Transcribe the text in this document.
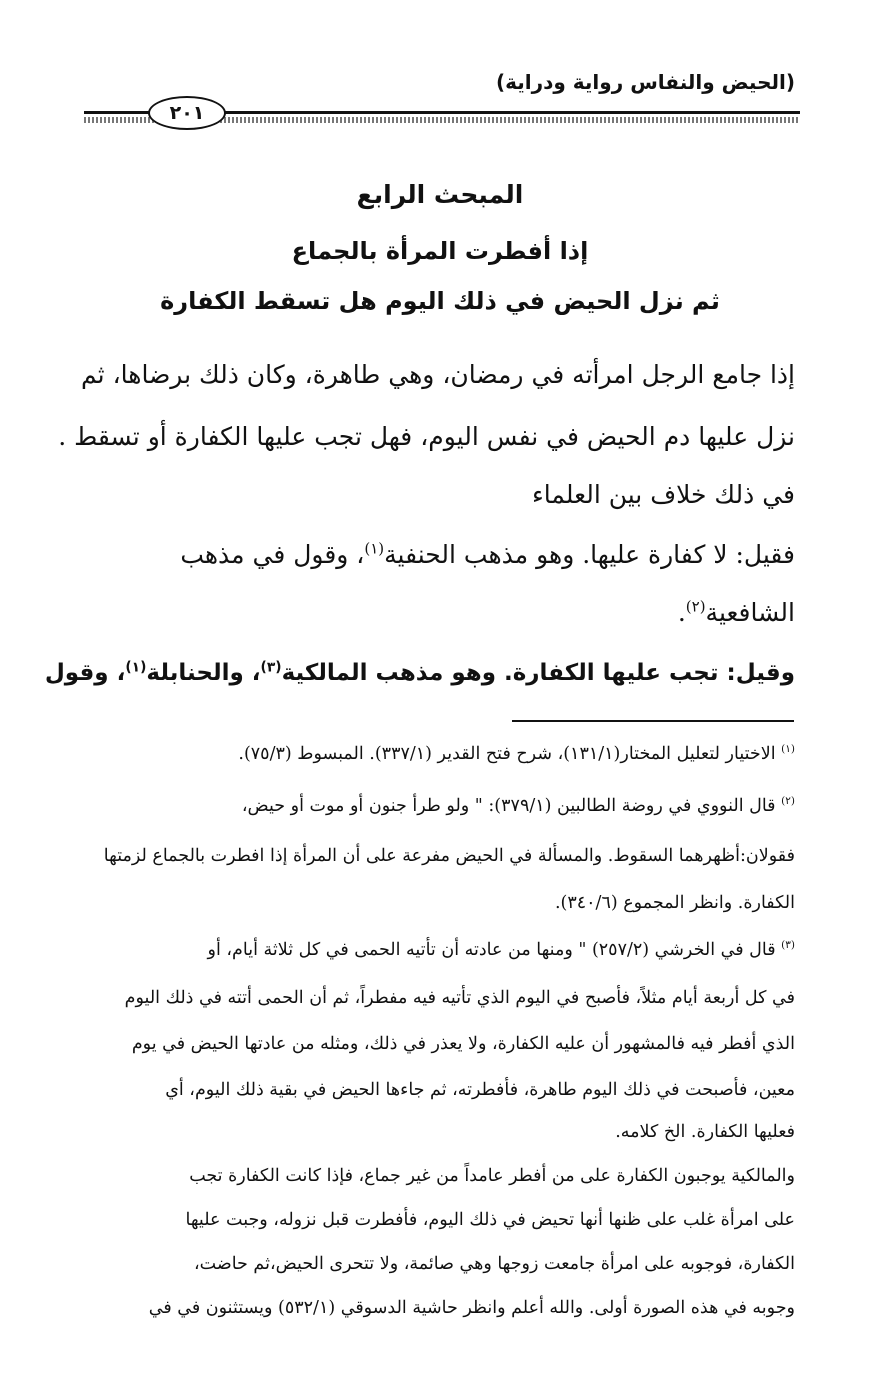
(الحيض والنفاس رواية ودراية)
٢٠١
المبحث الرابع
إذا أفطرت المرأة بالجماع
ثم نزل الحيض في ذلك اليوم هل تسقط الكفارة
إذا جامع الرجل امرأته في رمضان، وهي طاهرة، وكان ذلك برضاها، ثم
نزل عليها دم الحيض في نفس اليوم، فهل تجب عليها الكفارة أو تسقط .
في ذلك خلاف بين العلماء
فقيل: لا كفارة عليها. وهو مذهب الحنفية$^{(١)}$، وقول في مذهب
الشافعية$^{(٢)}$.
وقيل: تجب عليها الكفارة. وهو مذهب المالكية$^{(٣)}$، والحنابلة$^{(١)}$، وقول
$^{(١)}$ الاختيار لتعليل المختار(١٣١/١)، شرح فتح القدير (٣٣٧/١). المبسوط (٧٥/٣).
$^{(٢)}$ قال النووي في روضة الطالبين (٣٧٩/١): " ولو طرأ جنون أو موت أو حيض،
فقولان:أظهرهما السقوط. والمسألة في الحيض مفرعة على أن المرأة إذا افطرت بالجماع لزمتها
الكفارة. وانظر المجموع (٣٤٠/٦).
$^{(٣)}$ قال في الخرشي (٢٥٧/٢) " ومنها من عادته أن تأتيه الحمى في كل ثلاثة أيام، أو
في كل أربعة أيام مثلاً، فأصبح في اليوم الذي تأتيه فيه مفطراً، ثم أن الحمى أتته في ذلك اليوم
الذي أفطر فيه فالمشهور أن عليه الكفارة، ولا يعذر في ذلك، ومثله من عادتها الحيض في يوم
معين، فأصبحت في ذلك اليوم طاهرة، فأفطرته، ثم جاءها الحيض في بقية ذلك اليوم، أي
فعليها الكفارة. الخ كلامه.
والمالكية يوجبون الكفارة على من أفطر عامداً من غير جماع، فإذا كانت الكفارة تجب
على امرأة غلب على ظنها أنها تحيض في ذلك اليوم، فأفطرت قبل نزوله، وجبت عليها
الكفارة، فوجوبه على امرأة جامعت زوجها وهي صائمة، ولا تتحرى الحيض،ثم حاضت،
وجوبه في هذه الصورة أولى. والله أعلم وانظر حاشية الدسوقي (٥٣٢/١) ويستثنون في في
